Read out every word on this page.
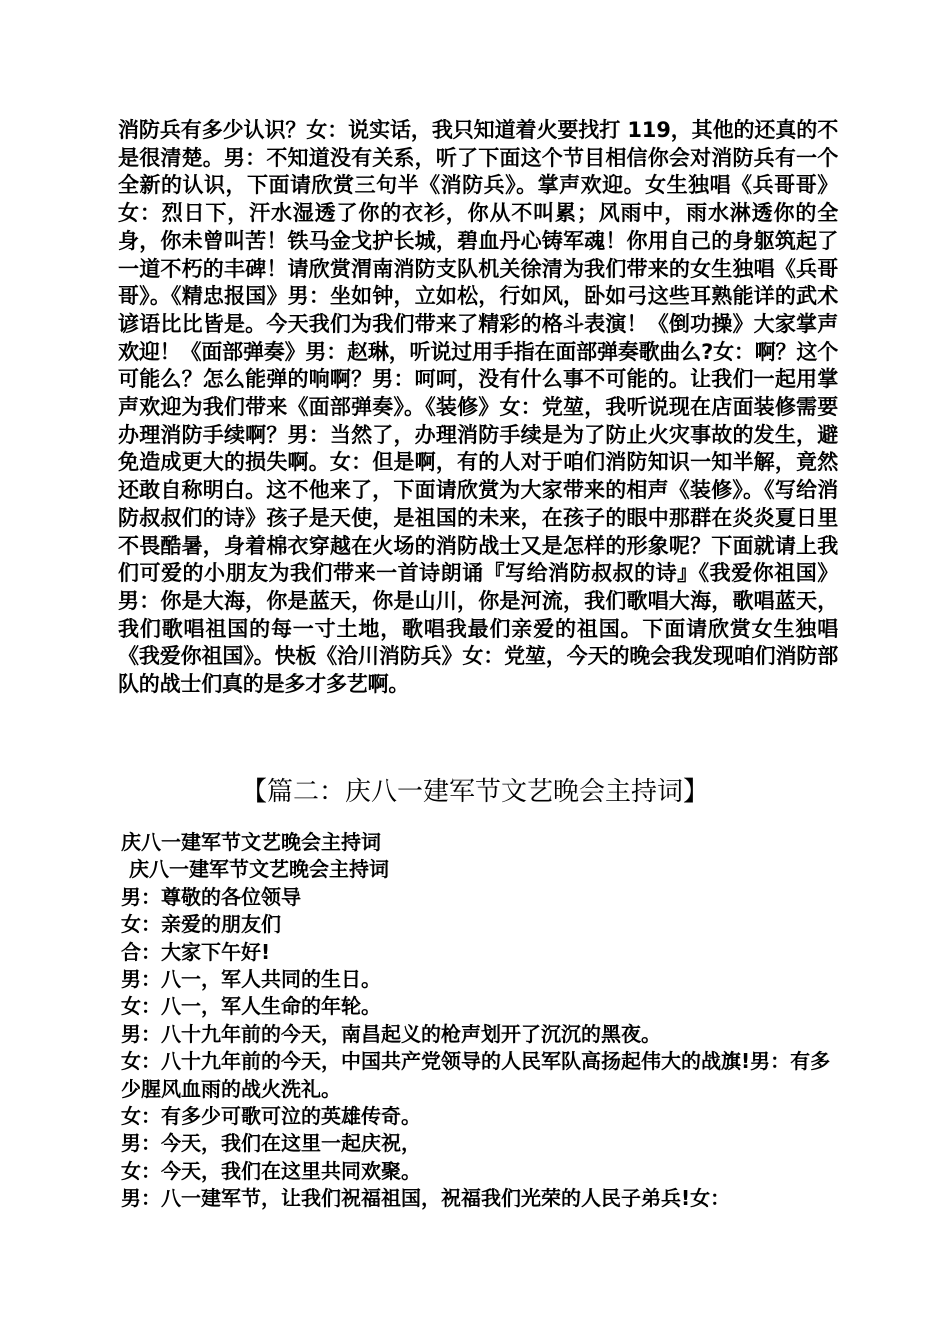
消防兵有多少认识？女：说实话，我只知道着火要找打 119，其他的还真的不是很清楚。男：不知道没有关系，听了下面这个节目相信你会对消防兵有一个全新的认识，下面请欣赏三句半《消防兵》。掌声欢迎。女生独唱《兵哥哥》女：烈日下，汗水湿透了你的衣衫，你从不叫累；风雨中，雨水淋透你的全身，你未曾叫苦！铁马金戈护长城，碧血丹心铸军魂！你用自己的身躯筑起了一道不朽的丰碑！请欣赏渭南消防支队机关徐清为我们带来的女生独唱《兵哥哥》。《精忠报国》男：坐如钟，立如松，行如风，卧如弓这些耳熟能详的武术谚语比比皆是。今天我们为我们带来了精彩的格斗表演！《倒功操》大家掌声欢迎！《面部弹奏》男：赵琳，听说过用手指在面部弹奏歌曲么?女：啊？这个可能么？怎么能弹的响啊？男：呵呵，没有什么事不可能的。让我们一起用掌声欢迎为我们带来《面部弹奏》。《装修》女：党堃，我听说现在店面装修需要办理消防手续啊？男：当然了，办理消防手续是为了防止火灾事故的发生，避免造成更大的损失啊。女：但是啊，有的人对于咱们消防知识一知半解，竟然还敢自称明白。这不他来了，下面请欣赏为大家带来的相声《装修》。《写给消防叔叔们的诗》孩子是天使，是祖国的未来，在孩子的眼中那群在炎炎夏日里不畏酷暑，身着棉衣穿越在火场的消防战士又是怎样的形象呢？下面就请上我们可爱的小朋友为我们带来一首诗朗诵『写给消防叔叔的诗』《我爱你祖国》男：你是大海，你是蓝天，你是山川，你是河流，我们歌唱大海，歌唱蓝天，我们歌唱祖国的每一寸土地，歌唱我最们亲爱的祖国。下面请欣赏女生独唱《我爱你祖国》。快板《洽川消防兵》女：党堃，今天的晚会我发现咱们消防部队的战士们真的是多才多艺啊。
【篇二：庆八一建军节文艺晚会主持词】
庆八一建军节文艺晚会主持词
庆八一建军节文艺晚会主持词
男：尊敬的各位领导
女：亲爱的朋友们
合：大家下午好!
男：八一，军人共同的生日。
女：八一，军人生命的年轮。
男：八十九年前的今天，南昌起义的枪声划开了沉沉的黑夜。
女：八十九年前的今天，中国共产党领导的人民军队高扬起伟大的战旗!男：有多少腥风血雨的战火洗礼。
女：有多少可歌可泣的英雄传奇。
男：今天，我们在这里一起庆祝，
女：今天，我们在这里共同欢聚。
男：八一建军节，让我们祝福祖国，祝福我们光荣的人民子弟兵!女：
